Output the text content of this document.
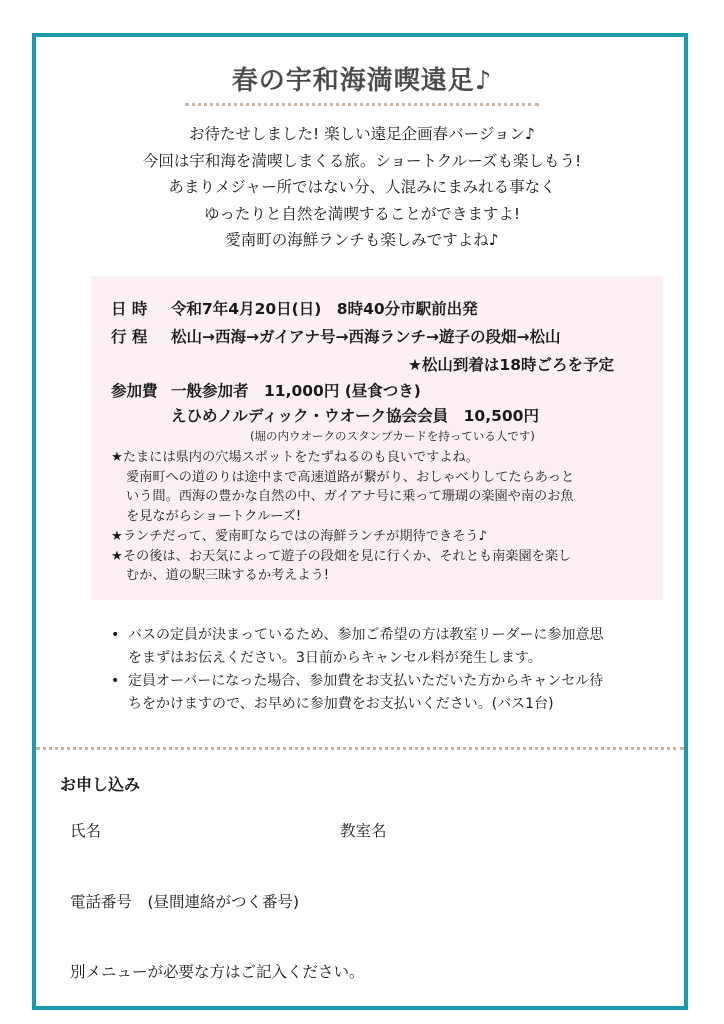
春の宇和海満喫遠足♪

お待たせしました! 楽しい遠足企画春バージョン♪

今回は宇和海を満喫しまくる旅。ショートクルーズも楽しもう!

あまりメジャー所ではない分、人混みにまみれる事なく

ゆったりと自然を満喫することができますよ!

愛南町の海鮮ランチも楽しみですよね♪

日 時 令和7年4月20日(日)　8時40分市駅前出発
行 程 松山→西海→ガイアナ号→西海ランチ→遊子の段畑→松山
★松山到着は18時ごろを予定
参加費 一般参加者　11,000円 (昼食つき)
えひめノルディック・ウオーク協会会員　10,500円
(堀の内ウオークのスタンプカードを持っている人です)

★たまには県内の穴場スポットをたずねるのも良いですよね。

愛南町への道のりは途中まで高速道路が繋がり、おしゃべりしてたらあっと

いう間。西海の豊かな自然の中、ガイアナ号に乗って珊瑚の楽園や南のお魚

を見ながらショートクルーズ!

★ランチだって、愛南町ならではの海鮮ランチが期待できそう♪

★その後は、お天気によって遊子の段畑を見に行くか、それとも南楽園を楽し

むか、道の駅三昧するか考えよう!

• バスの定員が決まっているため、参加ご希望の方は教室リーダーに参加意思
をまずはお伝えください。3日前からキャンセル料が発生します。
• 定員オーバーになった場合、参加費をお支払いただいた方からキャンセル待
ちをかけますので、お早めに参加費をお支払いください。(バス1台)
お申し込み
氏名	教室名
電話番号　(昼間連絡がつく番号)
別メニューが必要な方はご記入ください。
